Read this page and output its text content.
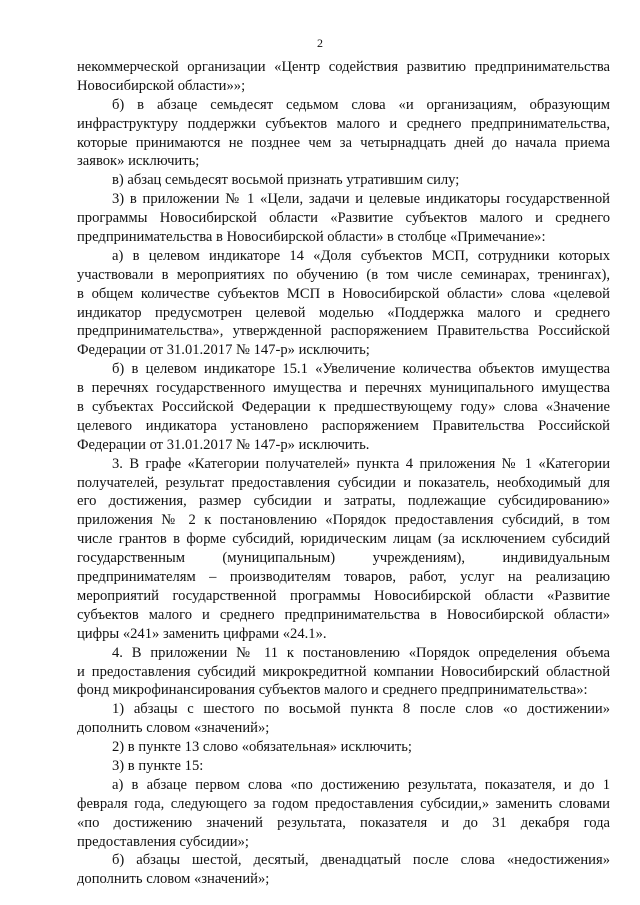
2
некоммерческой организации «Центр содействия развитию предпринимательства
Новосибирской области»»;
б) в абзаце семьдесят седьмом слова «и организациям, образующим
инфраструктуру поддержки субъектов малого и среднего предпринимательства,
которые принимаются не позднее чем за четырнадцать дней до начала приема
заявок» исключить;
в) абзац семьдесят восьмой признать утратившим силу;
3) в приложении № 1 «Цели, задачи и целевые индикаторы государственной
программы Новосибирской области «Развитие субъектов малого и среднего
предпринимательства в Новосибирской области» в столбце «Примечание»:
а) в целевом индикаторе 14 «Доля субъектов МСП, сотрудники которых
участвовали в мероприятиях по обучению (в том числе семинарах, тренингах),
в общем количестве субъектов МСП в Новосибирской области» слова «целевой
индикатор предусмотрен целевой моделью «Поддержка малого и среднего
предпринимательства», утвержденной распоряжением Правительства Российской
Федерации от 31.01.2017 № 147-р» исключить;
б) в целевом индикаторе 15.1 «Увеличение количества объектов имущества
в перечнях государственного имущества и перечнях муниципального имущества
в субъектах Российской Федерации к предшествующему году» слова «Значение
целевого индикатора установлено распоряжением Правительства Российской
Федерации от 31.01.2017 № 147-р» исключить.
3. В графе «Категории получателей» пункта 4 приложения № 1 «Категории
получателей, результат предоставления субсидии и показатель, необходимый для
его достижения, размер субсидии и затраты, подлежащие субсидированию»
приложения № 2 к постановлению «Порядок предоставления субсидий, в том
числе грантов в форме субсидий, юридическим лицам (за исключением субсидий
государственным (муниципальным) учреждениям), индивидуальным
предпринимателям – производителям товаров, работ, услуг на реализацию
мероприятий государственной программы Новосибирской области «Развитие
субъектов малого и среднего предпринимательства в Новосибирской области»
цифры «241» заменить цифрами «24.1».
4. В приложении № 11 к постановлению «Порядок определения объема
и предоставления субсидий микрокредитной компании Новосибирский областной
фонд микрофинансирования субъектов малого и среднего предпринимательства»:
1) абзацы с шестого по восьмой пункта 8 после слов «о достижении»
дополнить словом «значений»;
2) в пункте 13 слово «обязательная» исключить;
3) в пункте 15:
а) в абзаце первом слова «по достижению результата, показателя, и до 1
февраля года, следующего за годом предоставления субсидии,» заменить словами
«по достижению значений результата, показателя и до 31 декабря года
предоставления субсидии»;
б) абзацы шестой, десятый, двенадцатый после слова «недостижения»
дополнить словом «значений»;
